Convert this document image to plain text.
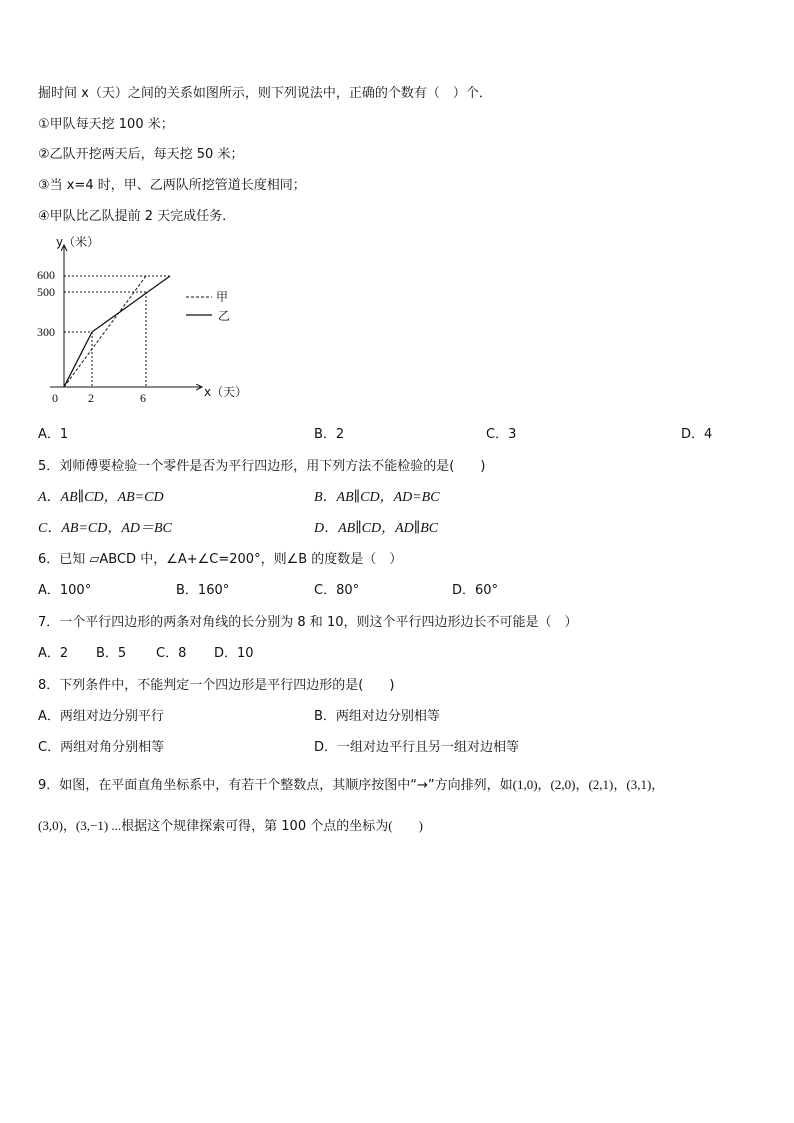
掘时间 x（天）之间的关系如图所示，则下列说法中，正确的个数有（　）个．
①甲队每天挖 100 米；
②乙队开挖两天后，每天挖 50 米；
③当 x=4 时，甲、乙两队所挖管道长度相同；
④甲队比乙队提前 2 天完成任务．
y（米）
x（天）
600
500
300
0	2	6
甲
乙
A．1	B．2	C．3	D．4
5．刘师傅要检验一个零件是否为平行四边形，用下列方法不能检验的是(　　)
A．AB∥CD，AB=CD	B．AB∥CD，AD=BC
C．AB=CD，AD＝BC	D．AB∥CD，AD∥BC
6．已知 ▱ABCD 中，∠A+∠C=200°，则∠B 的度数是（　）
A．100°	B．160°	C．80°	D．60°
7．一个平行四边形的两条对角线的长分别为 8 和 10，则这个平行四边形边长不可能是（　）
A．2 B．5 C．8 D．10
8．下列条件中，不能判定一个四边形是平行四边形的是(　　)
A．两组对边分别平行	B．两组对边分别相等
C．两组对角分别相等	D．一组对边平行且另一组对边相等
9．如图，在平面直角坐标系中，有若干个整数点，其顺序按图中“→”方向排列，如(1,0)，(2,0)，(2,1)，(3,1)，
(3,0)，(3,−1) ...根据这个规律探索可得，第 100 个点的坐标为(　　)
